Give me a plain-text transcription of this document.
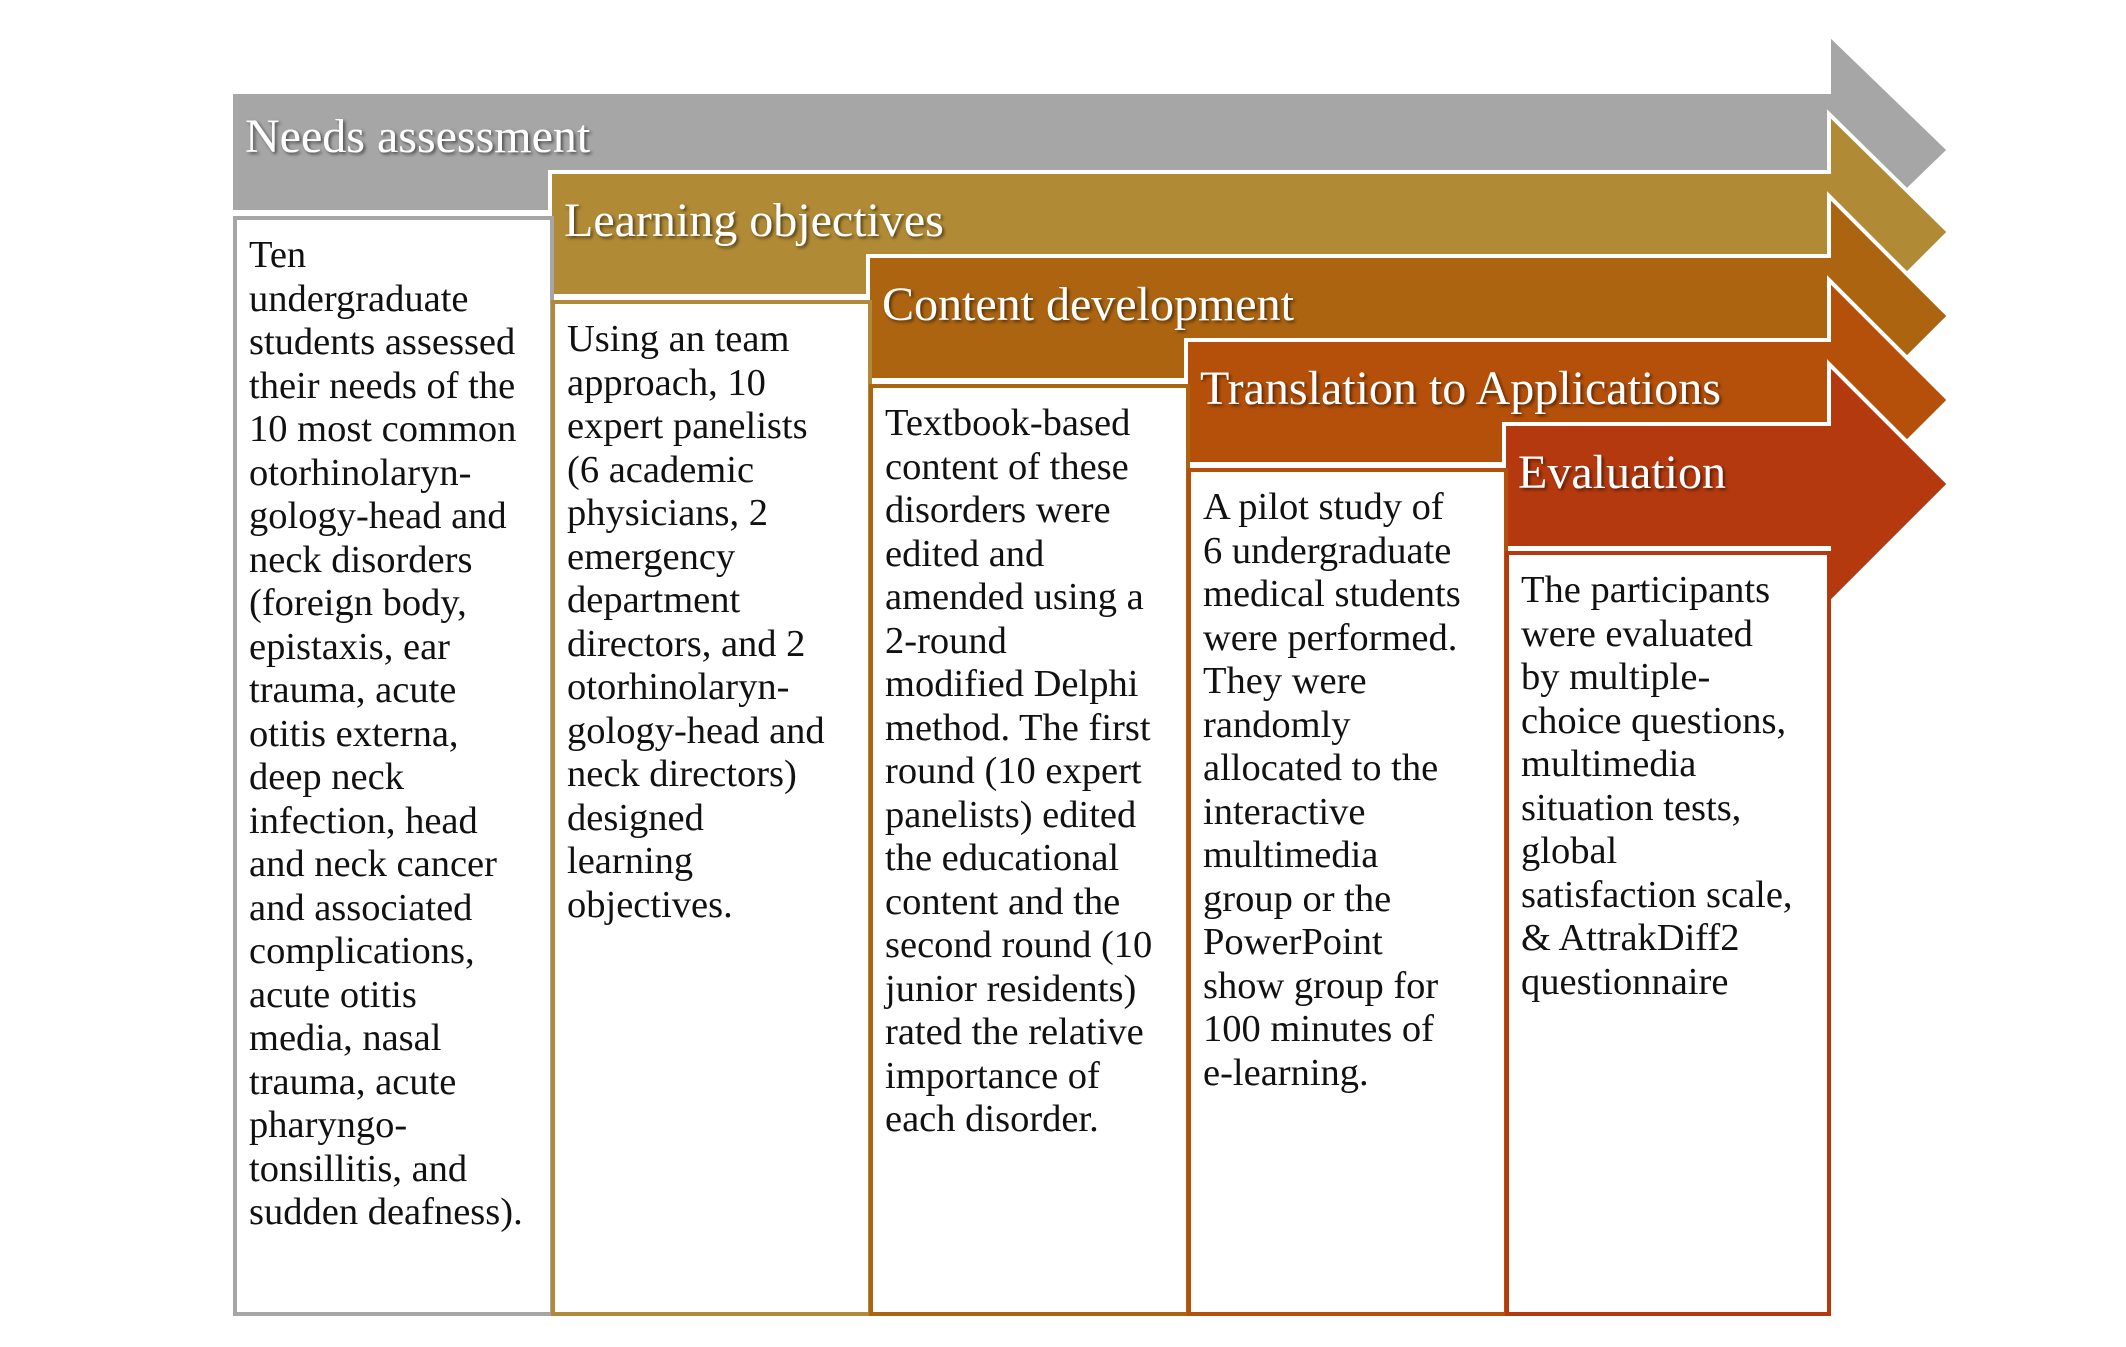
Needs assessment
Learning objectives
Content development
Translation to Applications
Evaluation
Ten
undergraduate
students assessed
their needs of the
10 most common
otorhinolaryn-
gology-head and
neck disorders
(foreign body,
epistaxis, ear
trauma, acute
otitis externa,
deep neck
infection, head
and neck cancer
and associated
complications,
acute otitis
media, nasal
trauma, acute
pharyngo-
tonsillitis, and
sudden deafness).
Using an team
approach, 10
expert panelists
(6 academic
physicians, 2
emergency
department
directors, and 2
otorhinolaryn-
gology-head and
neck directors)
designed
learning
objectives.
Textbook-based
content of these
disorders were
edited and
amended using a
2-round
modified Delphi
method. The first
round (10 expert
panelists) edited
the educational
content and the
second round (10
junior residents)
rated the relative
importance of
each disorder.
A pilot study of
6 undergraduate
medical students
were performed.
They were
randomly
allocated to the
interactive
multimedia
group or the
PowerPoint
show group for
100 minutes of
e-learning.
The participants
were evaluated
by multiple-
choice questions,
multimedia
situation tests,
global
satisfaction scale,
& AttrakDiff2
questionnaire
